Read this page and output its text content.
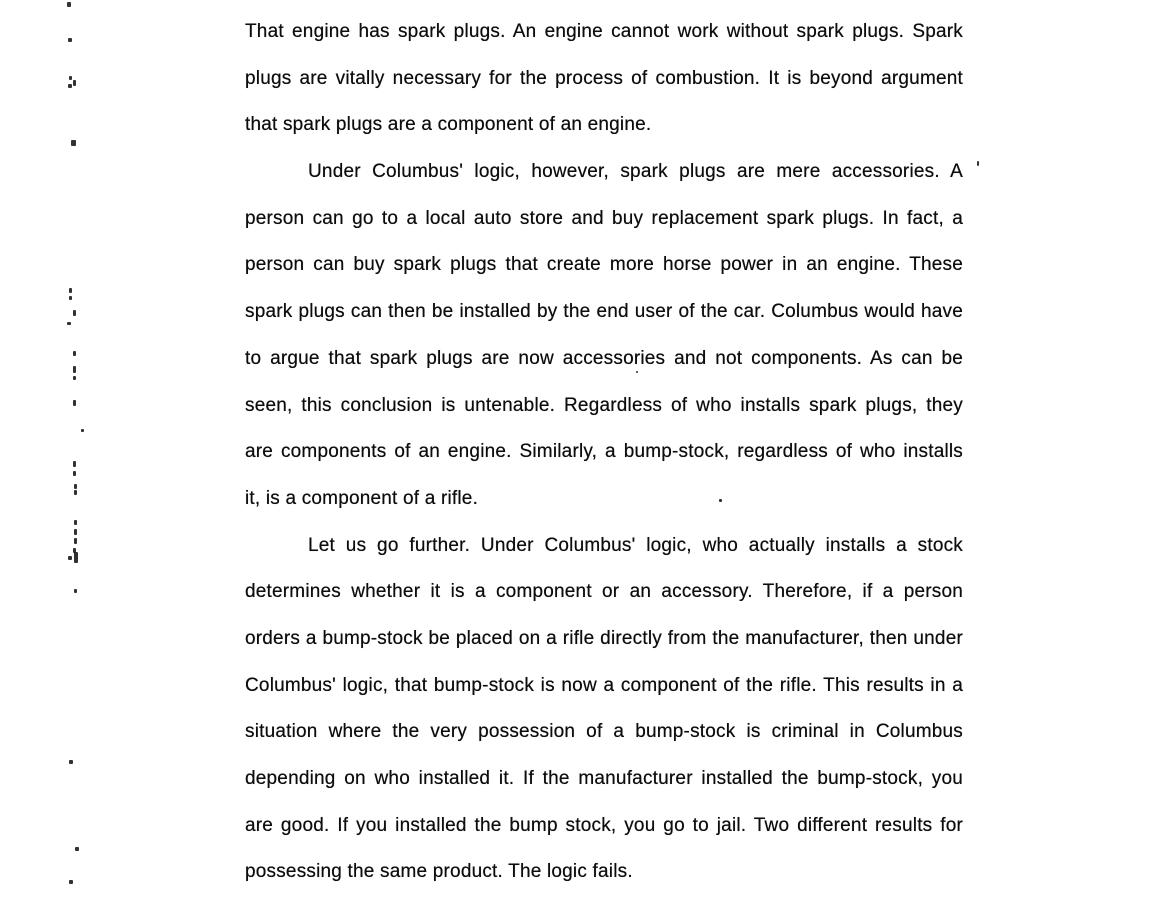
That engine has spark plugs. An engine cannot work without spark plugs. Spark
plugs are vitally necessary for the process of combustion. It is beyond argument
that spark plugs are a component of an engine.
Under Columbus' logic, however, spark plugs are mere accessories. A
person can go to a local auto store and buy replacement spark plugs. In fact, a
person can buy spark plugs that create more horse power in an engine. These
spark plugs can then be installed by the end user of the car. Columbus would have
to argue that spark plugs are now accessories and not components. As can be
seen, this conclusion is untenable. Regardless of who installs spark plugs, they
are components of an engine. Similarly, a bump-stock, regardless of who installs
it, is a component of a rifle.
Let us go further. Under Columbus' logic, who actually installs a stock
determines whether it is a component or an accessory. Therefore, if a person
orders a bump-stock be placed on a rifle directly from the manufacturer, then under
Columbus' logic, that bump-stock is now a component of the rifle. This results in a
situation where the very possession of a bump-stock is criminal in Columbus
depending on who installed it. If the manufacturer installed the bump-stock, you
are good. If you installed the bump stock, you go to jail. Two different results for
possessing the same product. The logic fails.
